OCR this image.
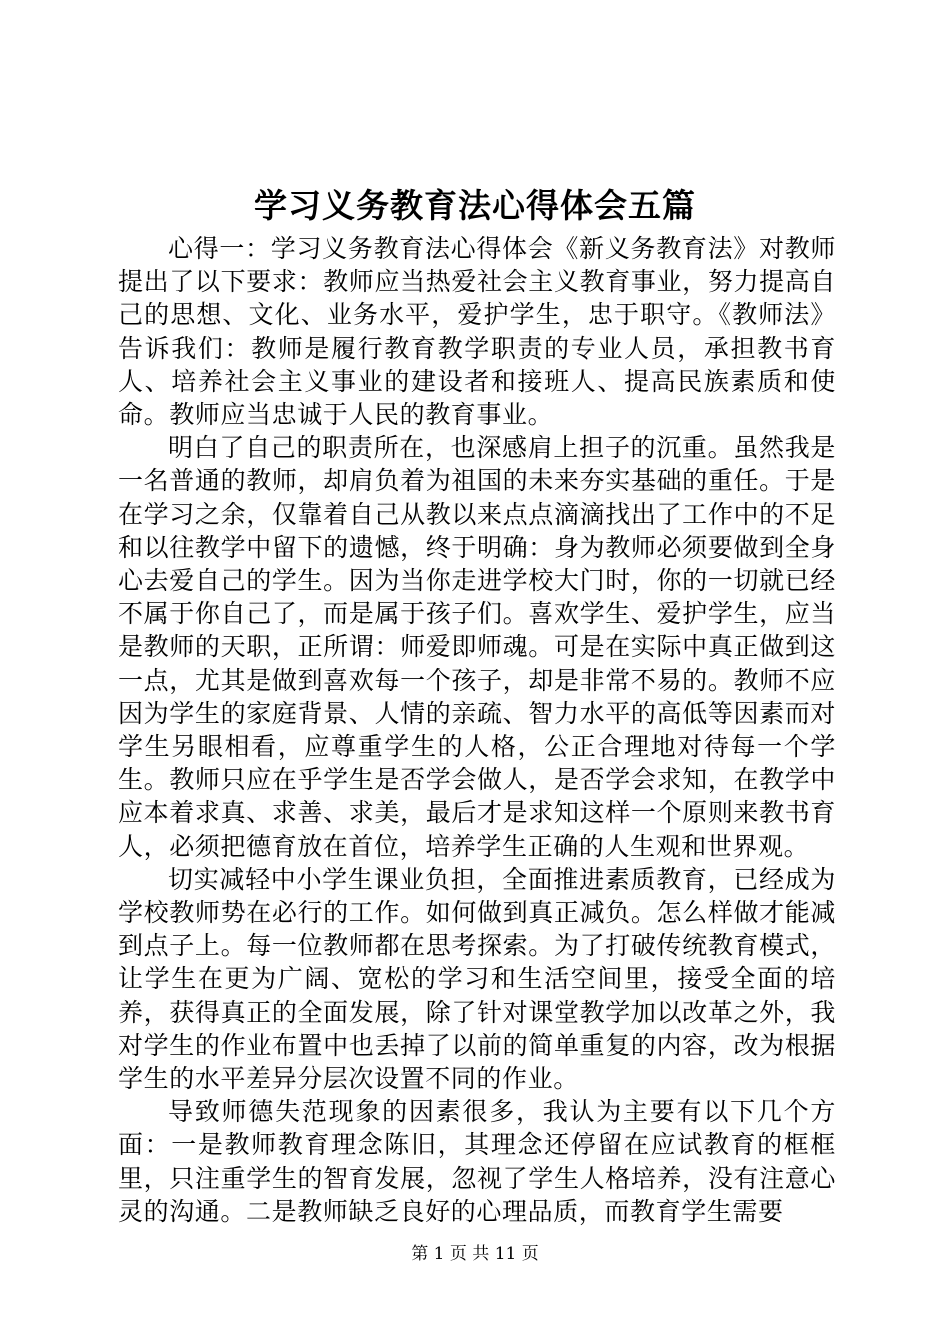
学习义务教育法心得体会五篇

心得一：学习义务教育法心得体会《新义务教育法》对教师提出了以下要求：教师应当热爱社会主义教育事业，努力提高自己的思想、文化、业务水平，爱护学生，忠于职守。《教师法》告诉我们：教师是履行教育教学职责的专业人员，承担教书育人、培养社会主义事业的建设者和接班人、提高民族素质和使命。教师应当忠诚于人民的教育事业。

明白了自己的职责所在，也深感肩上担子的沉重。虽然我是一名普通的教师，却肩负着为祖国的未来夯实基础的重任。于是在学习之余，仅靠着自己从教以来点点滴滴找出了工作中的不足和以往教学中留下的遗憾，终于明确：身为教师必须要做到全身心去爱自己的学生。因为当你走进学校大门时，你的一切就已经不属于你自己了，而是属于孩子们。喜欢学生、爱护学生，应当是教师的天职，正所谓：师爱即师魂。可是在实际中真正做到这一点，尤其是做到喜欢每一个孩子，却是非常不易的。教师不应因为学生的家庭背景、人情的亲疏、智力水平的高低等因素而对学生另眼相看，应尊重学生的人格，公正合理地对待每一个学生。教师只应在乎学生是否学会做人，是否学会求知，在教学中应本着求真、求善、求美，最后才是求知这样一个原则来教书育人，必须把德育放在首位，培养学生正确的人生观和世界观。

切实减轻中小学生课业负担，全面推进素质教育，已经成为学校教师势在必行的工作。如何做到真正减负。怎么样做才能减到点子上。每一位教师都在思考探索。为了打破传统教育模式，让学生在更为广阔、宽松的学习和生活空间里，接受全面的培养，获得真正的全面发展，除了针对课堂教学加以改革之外，我对学生的作业布置中也丢掉了以前的简单重复的内容，改为根据学生的水平差异分层次设置不同的作业。

导致师德失范现象的因素很多，我认为主要有以下几个方面：一是教师教育理念陈旧，其理念还停留在应试教育的框框里，只注重学生的智育发展，忽视了学生人格培养，没有注意心灵的沟通。二是教师缺乏良好的心理品质，而教育学生需要

第 1 页 共 11 页
